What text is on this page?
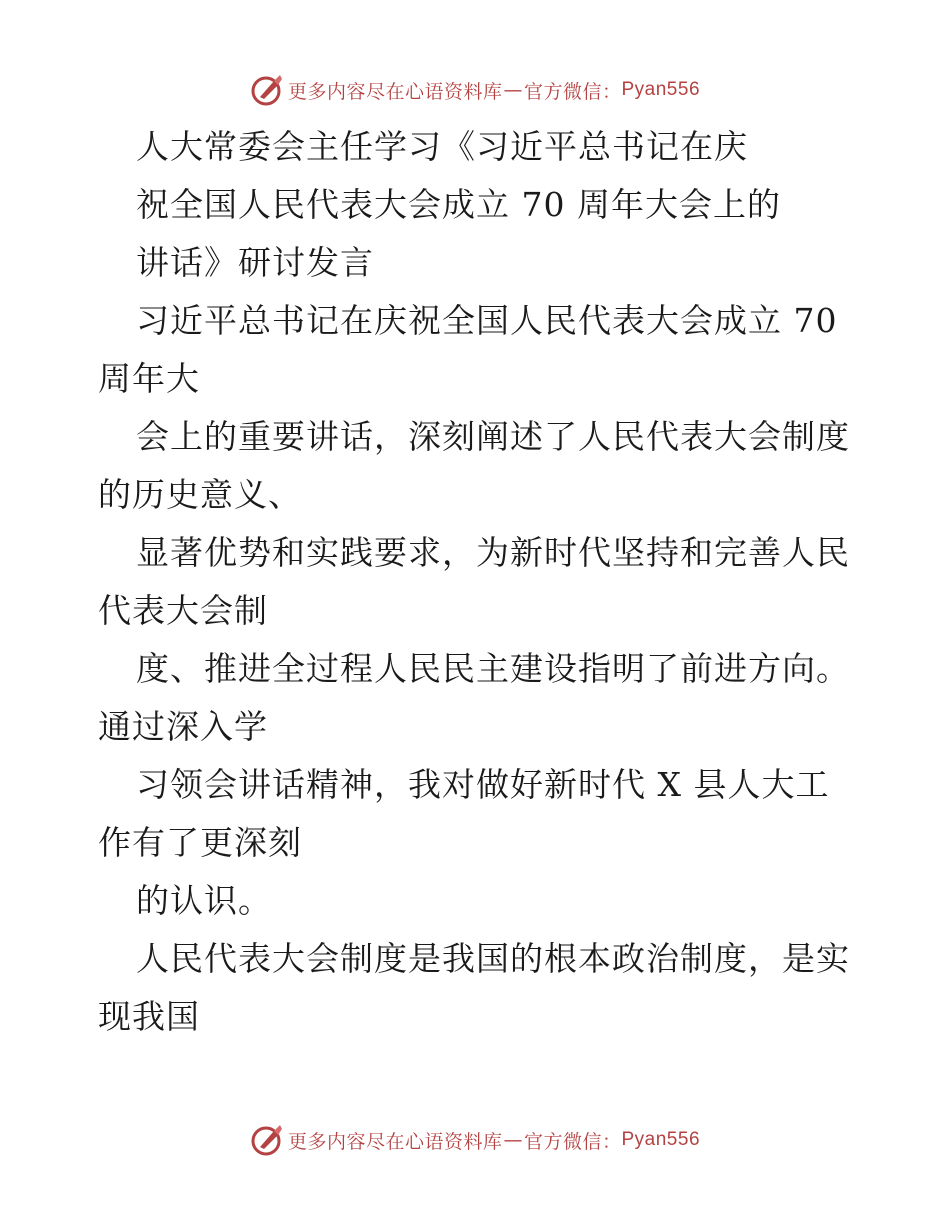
更多内容尽在心语资料库 — 官方微信： Pyan556
人大常委会主任学习《习近平总书记在庆
祝全国人民代表大会成立 70 周年大会上的
讲话》研讨发言
习近平总书记在庆祝全国人民代表大会成立 70
周年大
会上的重要讲话，深刻阐述了人民代表大会制度
的历史意义、
显著优势和实践要求，为新时代坚持和完善人民
代表大会制
度、推进全过程人民民主建设指明了前进方向。
通过深入学
习领会讲话精神，我对做好新时代 X 县人大工
作有了更深刻
的认识。
人民代表大会制度是我国的根本政治制度，是实
现我国
更多内容尽在心语资料库 — 官方微信： Pyan556
